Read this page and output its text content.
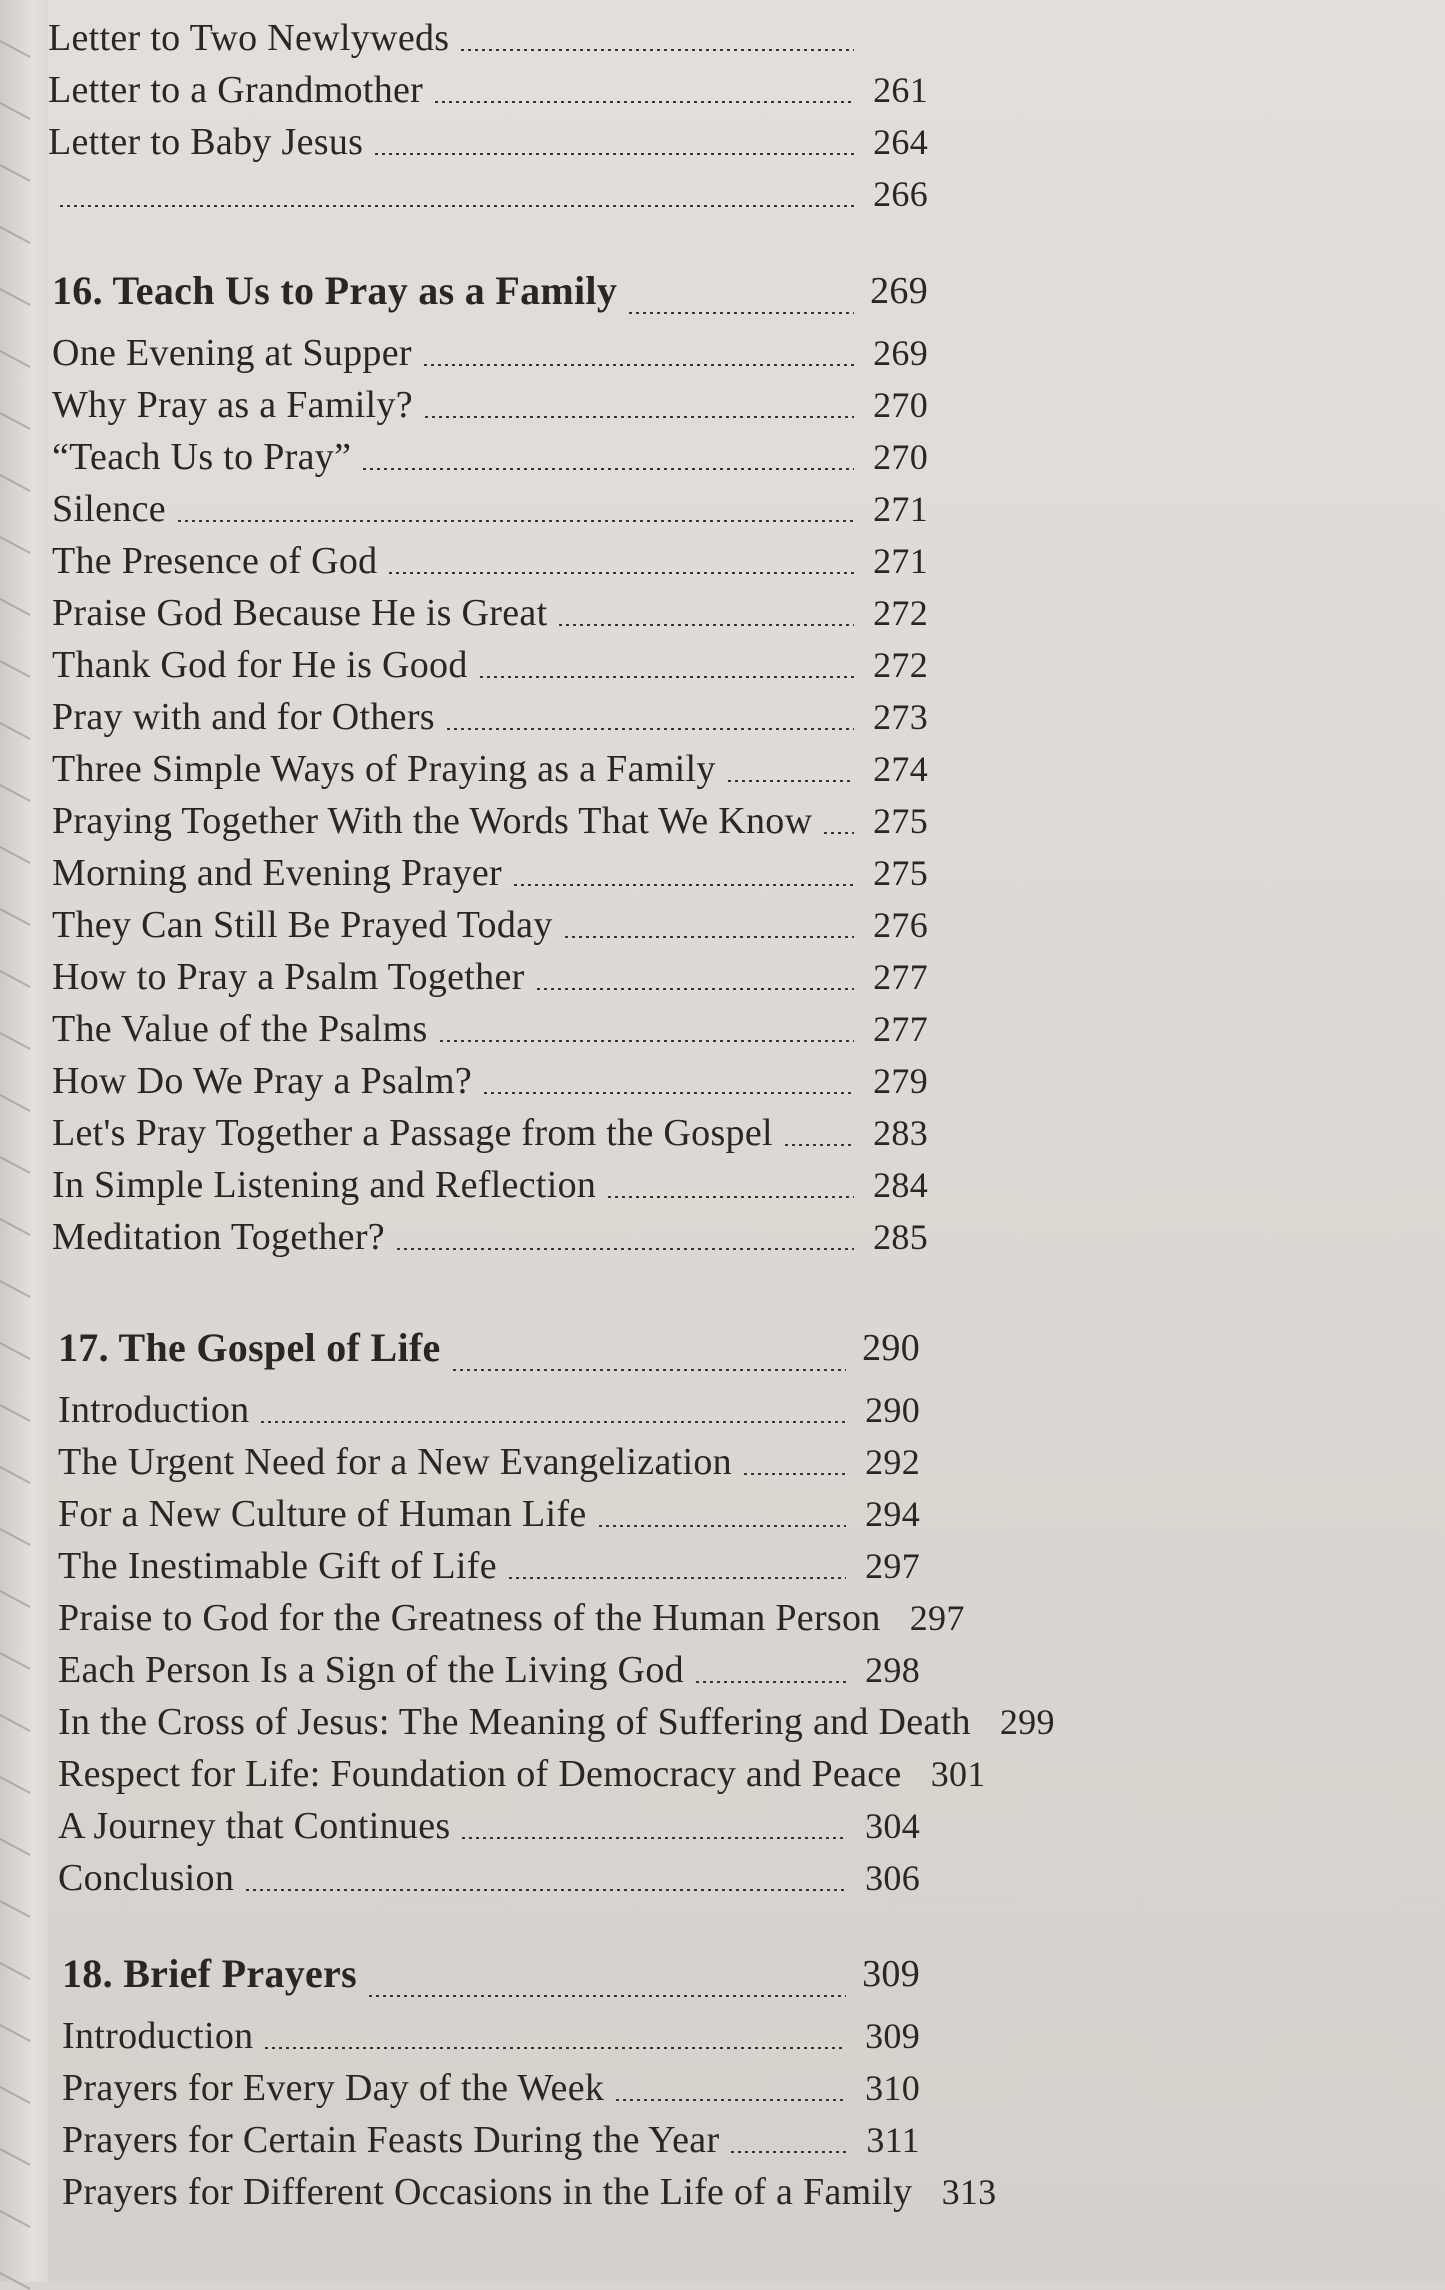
Letter to Two Newlyweds
Letter to a Grandmother	261
Letter to Baby Jesus	264
266
16. Teach Us to Pray as a Family	269
One Evening at Supper	269
Why Pray as a Family?	270
“Teach Us to Pray”	270
Silence	271
The Presence of God	271
Praise God Because He is Great	272
Thank God for He is Good	272
Pray with and for Others	273
Three Simple Ways of Praying as a Family	274
Praying Together With the Words That We Know	275
Morning and Evening Prayer	275
They Can Still Be Prayed Today	276
How to Pray a Psalm Together	277
The Value of the Psalms	277
How Do We Pray a Psalm?	279
Let's Pray Together a Passage from the Gospel	283
In Simple Listening and Reflection	284
Meditation Together?	285
17. The Gospel of Life	290
Introduction	290
The Urgent Need for a New Evangelization	292
For a New Culture of Human Life	294
The Inestimable Gift of Life	297
Praise to God for the Greatness of the Human Person 297
Each Person Is a Sign of the Living God	298
In the Cross of Jesus: The Meaning of Suffering and Death 299
Respect for Life: Foundation of Democracy and Peace 301
A Journey that Continues	304
Conclusion	306
18. Brief Prayers	309
Introduction	309
Prayers for Every Day of the Week	310
Prayers for Certain Feasts During the Year	311
Prayers for Different Occasions in the Life of a Family 313
